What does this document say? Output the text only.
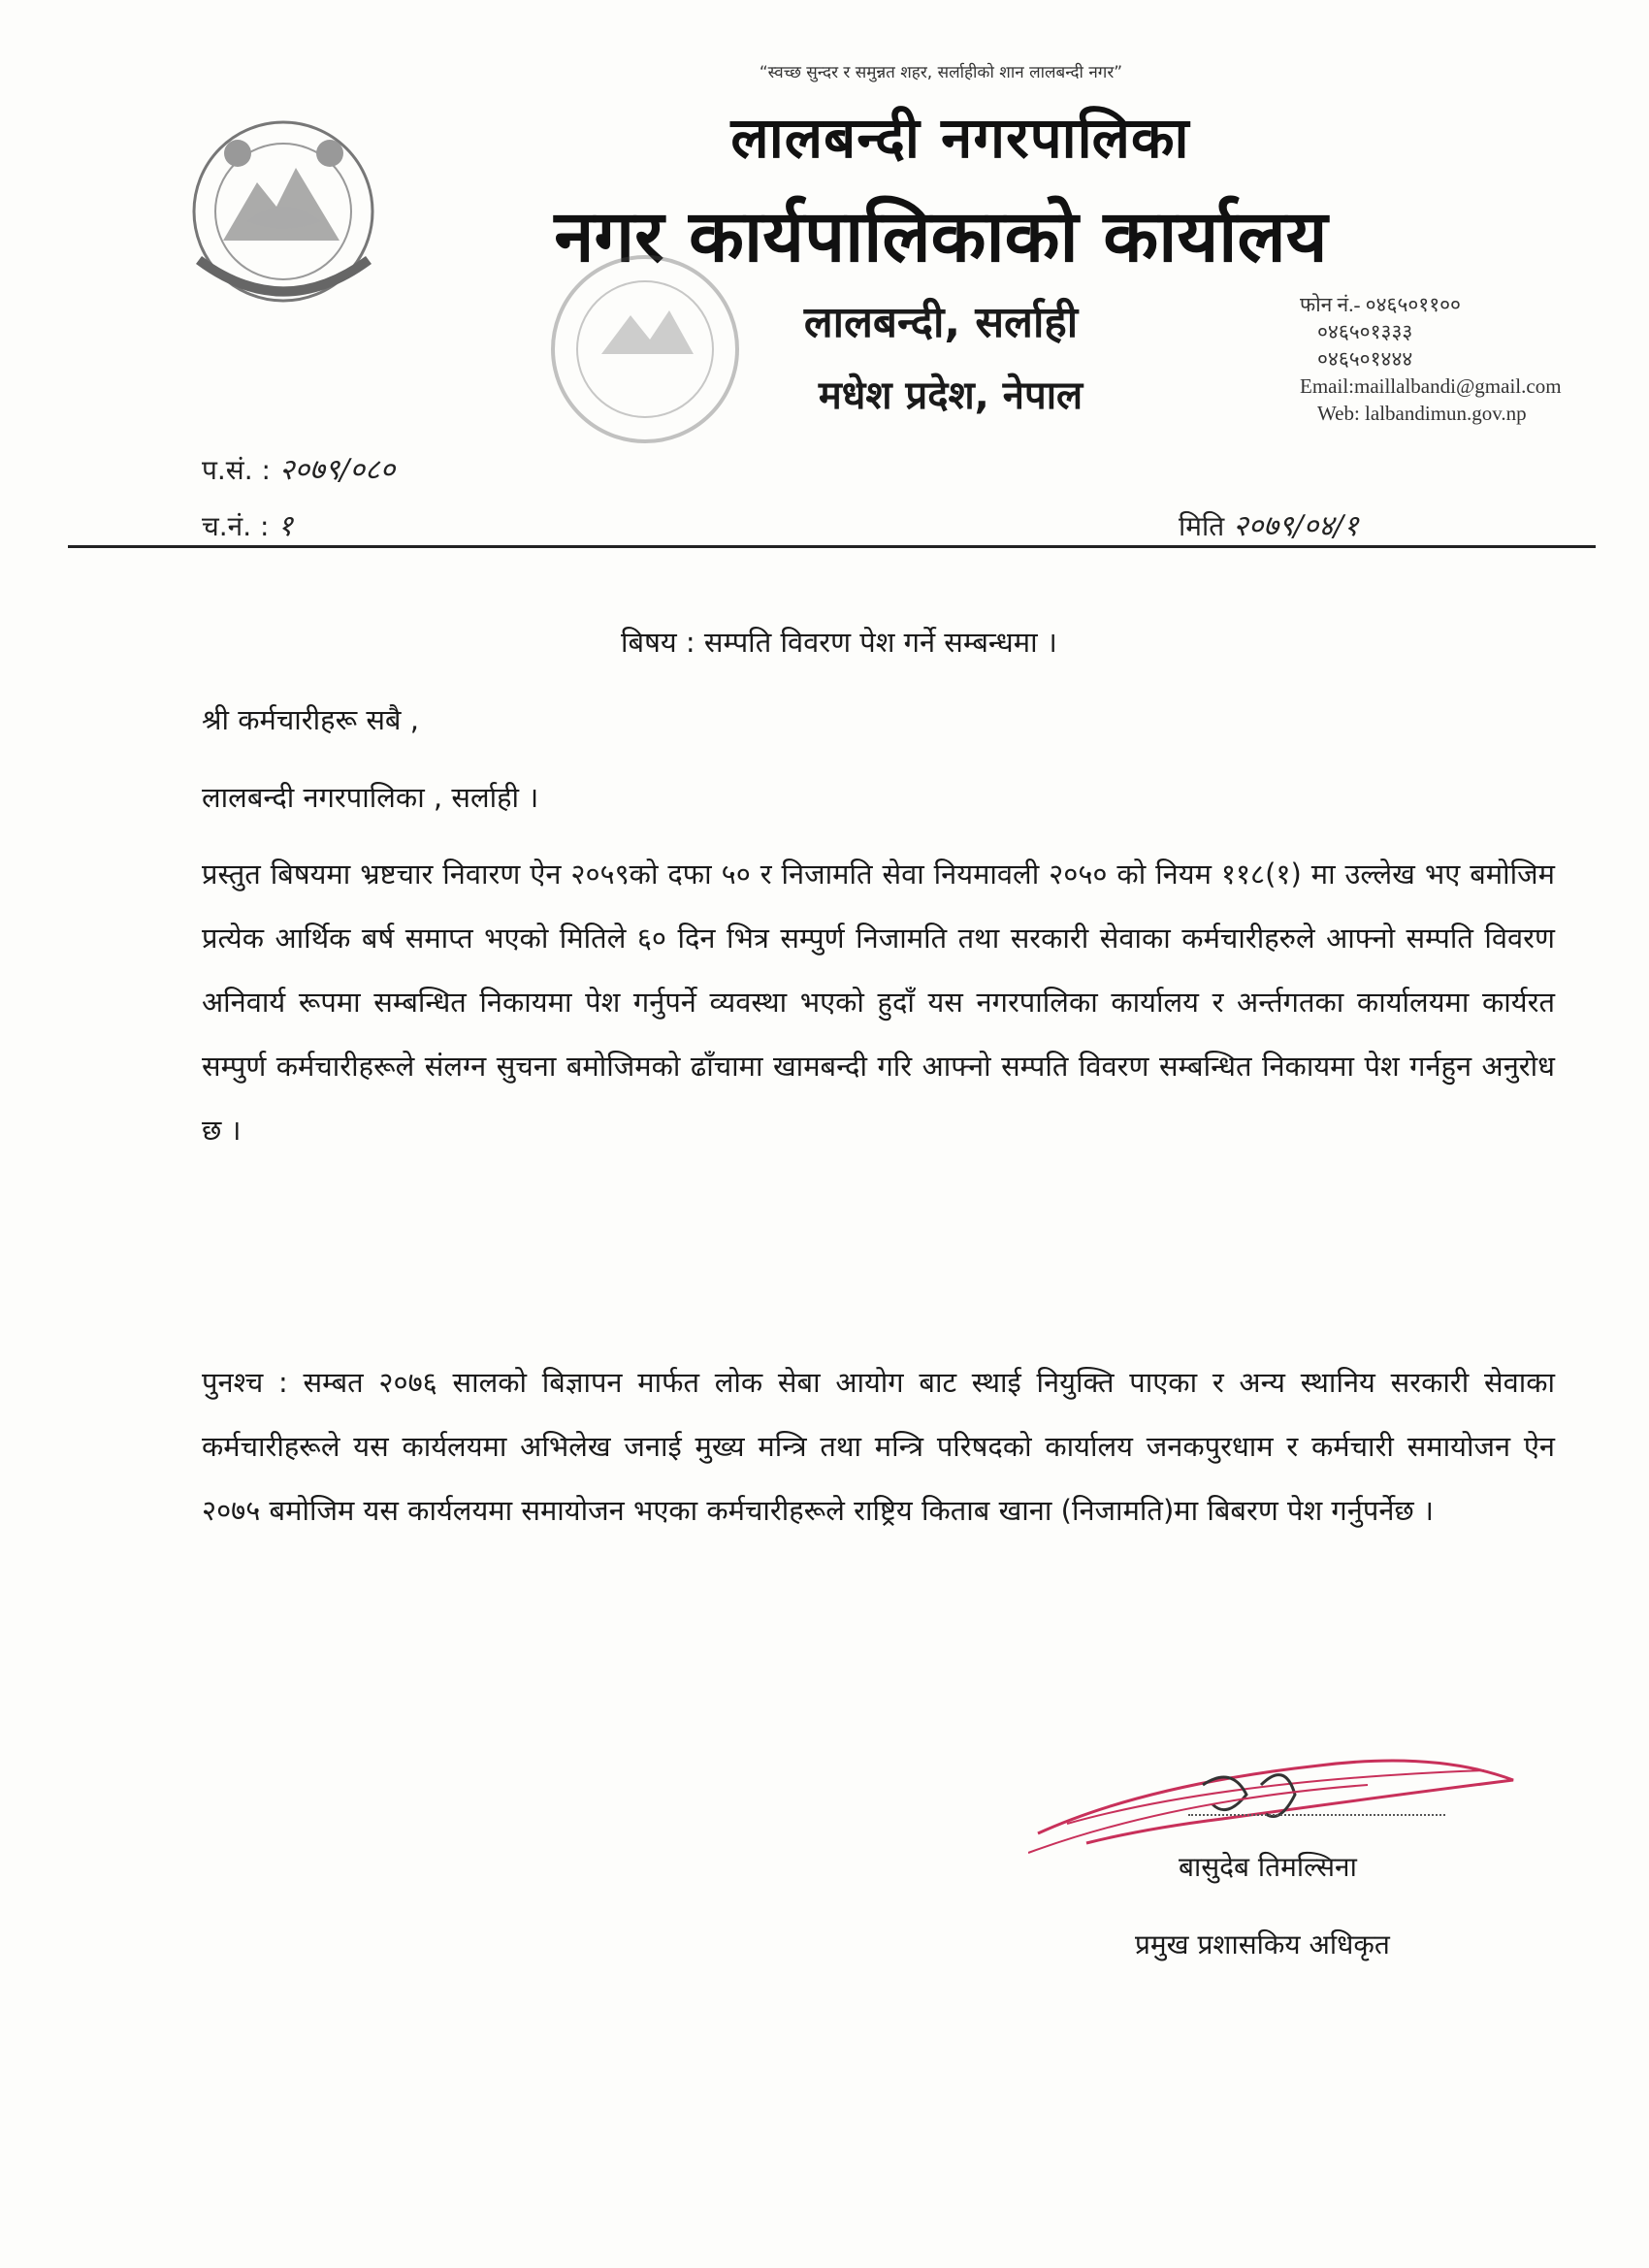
“स्वच्छ सुन्दर र समुन्नत शहर, सर्लाहीको शान लालबन्दी नगर”
लालबन्दी नगरपालिका
नगर कार्यपालिकाको कार्यालय
लालबन्दी, सर्लाही
मधेश प्रदेश, नेपाल
फोन नं.- ०४६५०११००
०४६५०१३३३
०४६५०१४४४
Email:maillalbandi@gmail.com
Web: lalbandimun.gov.np
प.सं. : २०७९/०८०
च.नं. : १	मिति २०७९/०४/१
बिषय : सम्पति विवरण पेश गर्ने सम्बन्धमा ।
श्री कर्मचारीहरू सबै ,
लालबन्दी नगरपालिका , सर्लाही ।
प्रस्तुत बिषयमा भ्रष्टचार निवारण ऐन २०५९को दफा ५० र निजामति सेवा नियमावली २०५० को नियम ११८(१) मा उल्लेख भए बमोजिम प्रत्येक आर्थिक बर्ष समाप्त भएको मितिले ६० दिन भित्र सम्पुर्ण निजामति तथा सरकारी सेवाका कर्मचारीहरुले आफ्नो सम्पति विवरण अनिवार्य रूपमा सम्बन्धित निकायमा पेश गर्नुपर्ने व्यवस्था भएको हुदाँ यस नगरपालिका कार्यालय र अर्न्तगतका कार्यालयमा कार्यरत सम्पुर्ण कर्मचारीहरूले संलग्न सुचना बमोजिमको ढाँचामा खामबन्दी गरि आफ्नो सम्पति विवरण सम्बन्धित निकायमा पेश गर्नहुन अनुरोध छ ।
पुनश्च : सम्बत २०७६ सालको बिज्ञापन मार्फत लोक सेबा आयोग बाट स्थाई नियुक्ति पाएका र अन्य स्थानिय सरकारी सेवाका कर्मचारीहरूले यस कार्यलयमा अभिलेख जनाई मुख्य मन्त्रि तथा मन्त्रि परिषदको कार्यालय जनकपुरधाम र कर्मचारी समायोजन ऐन २०७५ बमोजिम यस कार्यलयमा समायोजन भएका कर्मचारीहरूले राष्ट्रिय किताब खाना (निजामति)मा बिबरण पेश गर्नुपर्नेछ ।
बासुदेब तिमल्सिना
प्रमुख प्रशासकिय अधिकृत
